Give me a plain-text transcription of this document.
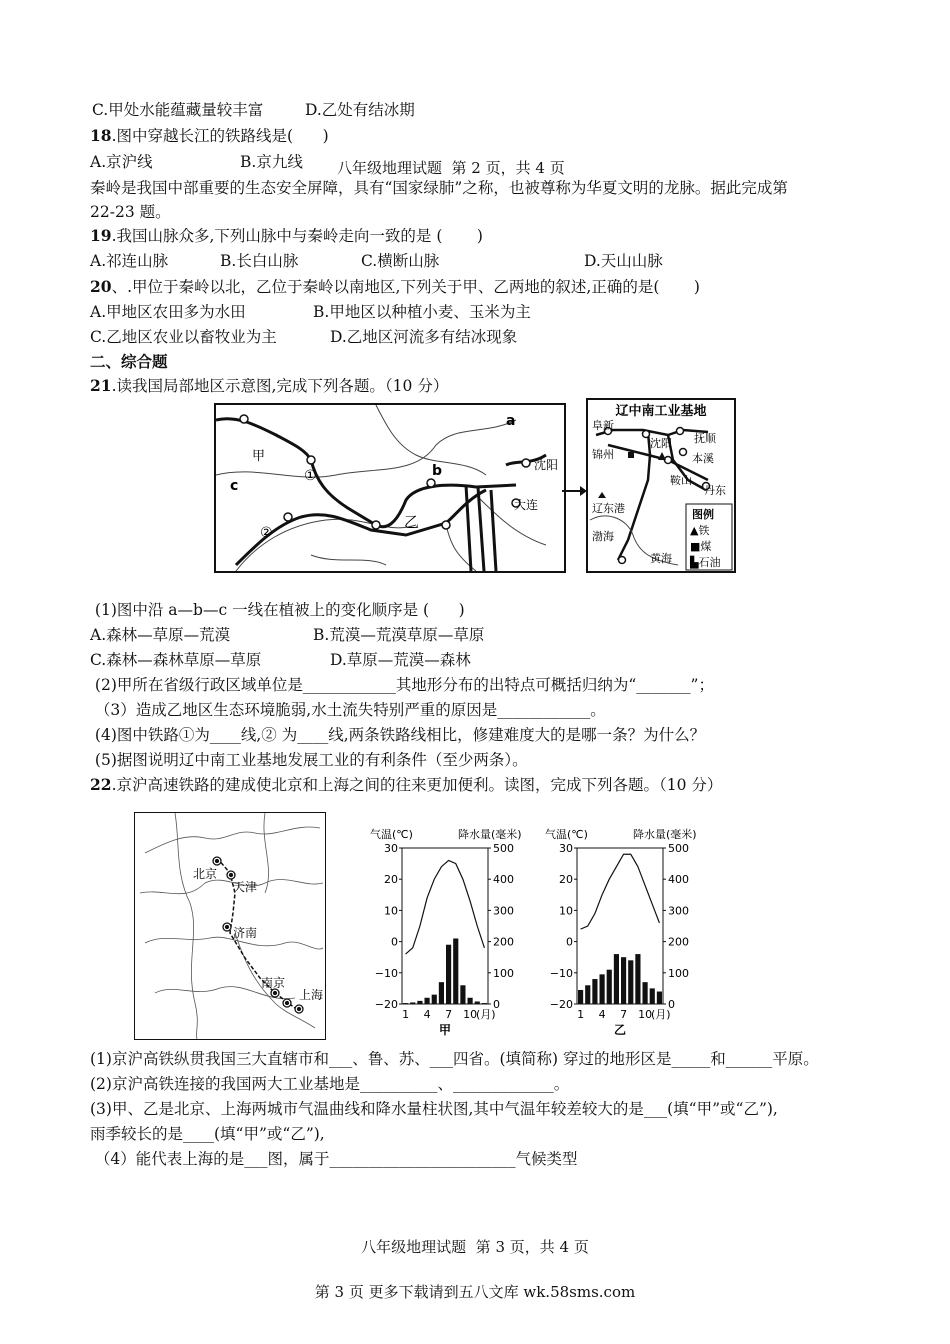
C.甲处水能蕴藏量较丰富	D.乙处有结冰期
18.图中穿越长江的铁路线是(      )
A.京沪线	B.京九线 八年级地理试题  第 2 页，共 4 页
秦岭是我国中部重要的生态安全屏障，具有“国家绿肺”之称，也被尊称为华夏文明的龙脉。据此完成第
22-23 题。
19.我国山脉众多,下列山脉中与秦岭走向一致的是 (       )
A.祁连山脉	B.长白山脉	C.横断山脉	D.天山山脉
20、.甲位于秦岭以北，乙位于秦岭以南地区,下列关于甲、乙两地的叙述,正确的是(       )
A.甲地区农田多为水田	B.甲地区以种植小麦、玉米为主
C.乙地区农业以畜牧业为主	D.乙地区河流多有结冰现象
二、综合题
21.读我国局部地区示意图,完成下列各题。（10 分）
a
b
c
甲
乙
①
②
沈阳
大连
辽中南工业基地
阜新
锦州
沈阳 抚顺
本溪
鞍山
丹东
辽东港
渤海
黄海
图例
▲铁
■煤
▙石油
(1)图中沿 a—b—c 一线在植被上的变化顺序是 (      )
A.森林—草原—荒漠	B.荒漠—荒漠草原—草原
C.森林—森林草原—草原	D.草原—荒漠—森林
(2)甲所在省级行政区域单位是____________其地形分布的出特点可概括归纳为“_______”；
（3）造成乙地区生态环境脆弱,水土流失特别严重的原因是____________。
(4)图中铁路①为____线,② 为____线,两条铁路线相比，修建难度大的是哪一条？为什么？
(5)据图说明辽中南工业基地发展工业的有利条件（至少两条）。
22.京沪高速铁路的建成使北京和上海之间的往来更加便利。读图，完成下列各题。（10 分）
北京
天津
济南
南京
上海
气温(℃)	降水量(毫米)
30
20
10
0
−10
−20
500
400
300
200
100
0
1 4 7 10
(月)
甲
气温(℃)	降水量(毫米)
30
20
10
0
−10
−20
500
400
300
200
100
0
1 4 7 10
(月)
乙
(1)京沪高铁纵贯我国三大直辖市和___、鲁、苏、___四省。(填简称) 穿过的地形区是_____和______平原。
(2)京沪高铁连接的我国两大工业基地是__________、_____________。
(3)甲、乙是北京、上海两城市气温曲线和降水量柱状图,其中气温年较差较大的是___(填“甲”或“乙”),
雨季较长的是____(填“甲”或“乙”),
（4）能代表上海的是___图，属于________________________气候类型
八年级地理试题  第 3 页，共 4 页
第 3 页 更多下载请到五八文库 wk.58sms.com
